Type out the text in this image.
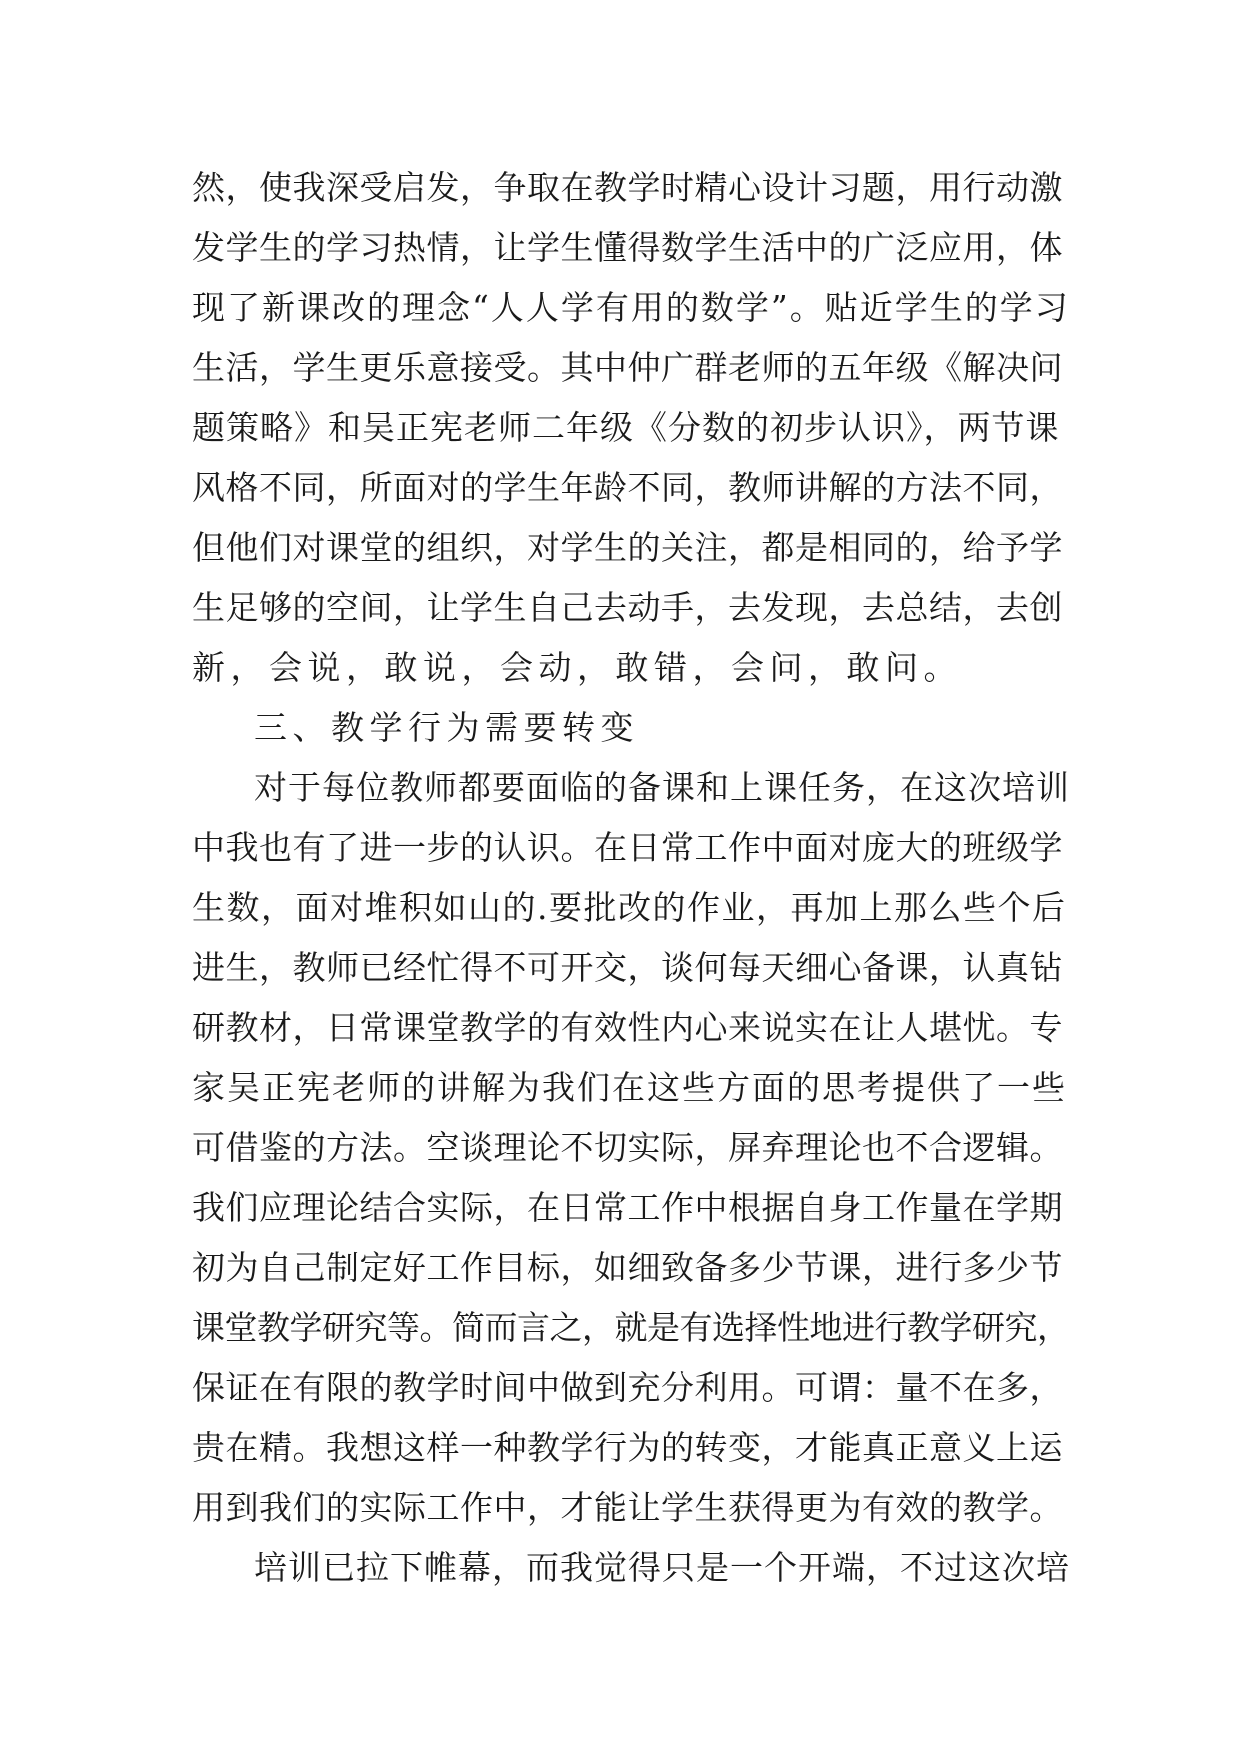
然，使我深受启发，争取在教学时精心设计习题，用行动激
发学生的学习热情，让学生懂得数学生活中的广泛应用，体
现了新课改的理念“人人学有用的数学”。贴近学生的学习
生活，学生更乐意接受。其中仲广群老师的五年级《解决问
题策略》和吴正宪老师二年级《分数的初步认识》，两节课
风格不同，所面对的学生年龄不同，教师讲解的方法不同，
但他们对课堂的组织，对学生的关注，都是相同的，给予学
生足够的空间，让学生自己去动手，去发现，去总结，去创
新，会说，敢说，会动，敢错，会问，敢问。
三、教学行为需要转变
对于每位教师都要面临的备课和上课任务，在这次培训
中我也有了进一步的认识。在日常工作中面对庞大的班级学
生数，面对堆积如山的.要批改的作业，再加上那么些个后
进生，教师已经忙得不可开交，谈何每天细心备课，认真钻
研教材，日常课堂教学的有效性内心来说实在让人堪忧。专
家吴正宪老师的讲解为我们在这些方面的思考提供了一些
可借鉴的方法。空谈理论不切实际，屏弃理论也不合逻辑。
我们应理论结合实际，在日常工作中根据自身工作量在学期
初为自己制定好工作目标，如细致备多少节课，进行多少节
课堂教学研究等。简而言之，就是有选择性地进行教学研究，
保证在有限的教学时间中做到充分利用。可谓：量不在多，
贵在精。我想这样一种教学行为的转变，才能真正意义上运
用到我们的实际工作中，才能让学生获得更为有效的教学。
培训已拉下帷幕，而我觉得只是一个开端，不过这次培
